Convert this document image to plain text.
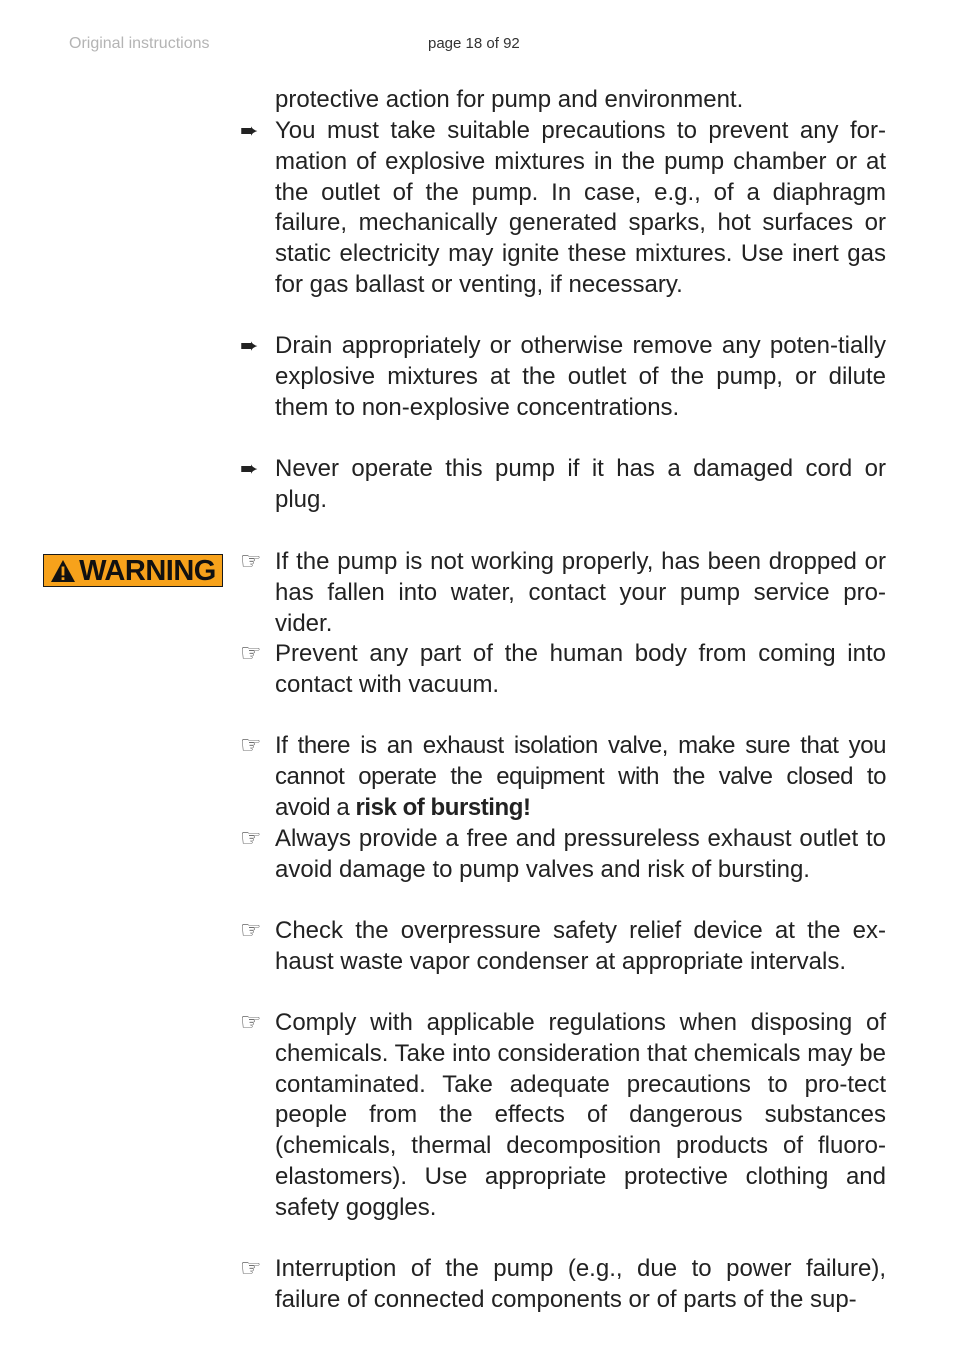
Original instructions	page 18 of 92
WARNING
protective action for pump and environment.
➨ You must take suitable precautions to prevent any for-mation of explosive mixtures in the pump chamber or at the outlet of the pump. In case, e.g., of a diaphragm failure, mechanically generated sparks, hot surfaces or static electricity may ignite these mixtures. Use inert gas for gas ballast or venting, if necessary.
➨ Drain appropriately or otherwise remove any poten-tially explosive mixtures at the outlet of the pump, or dilute them to non-explosive concentrations.
➨ Never operate this pump if it has a damaged cord or plug.
☞ If the pump is not working properly, has been dropped or has fallen into water, contact your pump service pro-vider.
☞ Prevent any part of the human body from coming into contact with vacuum.
☞ If there is an exhaust isolation valve, make sure that you cannot operate the equipment with the valve closed to avoid a risk of bursting!
☞ Always provide a free and pressureless exhaust outlet to avoid damage to pump valves and risk of bursting.
☞ Check the overpressure safety relief device at the ex-haust waste vapor condenser at appropriate intervals.
☞ Comply with applicable regulations when disposing of chemicals. Take into consideration that chemicals may be contaminated. Take adequate precautions to pro-tect people from the effects of dangerous substances (chemicals, thermal decomposition products of fluoro-elastomers). Use appropriate protective clothing and safety goggles.
☞ Interruption of the pump (e.g., due to power failure), failure of connected components or of parts of the sup-
